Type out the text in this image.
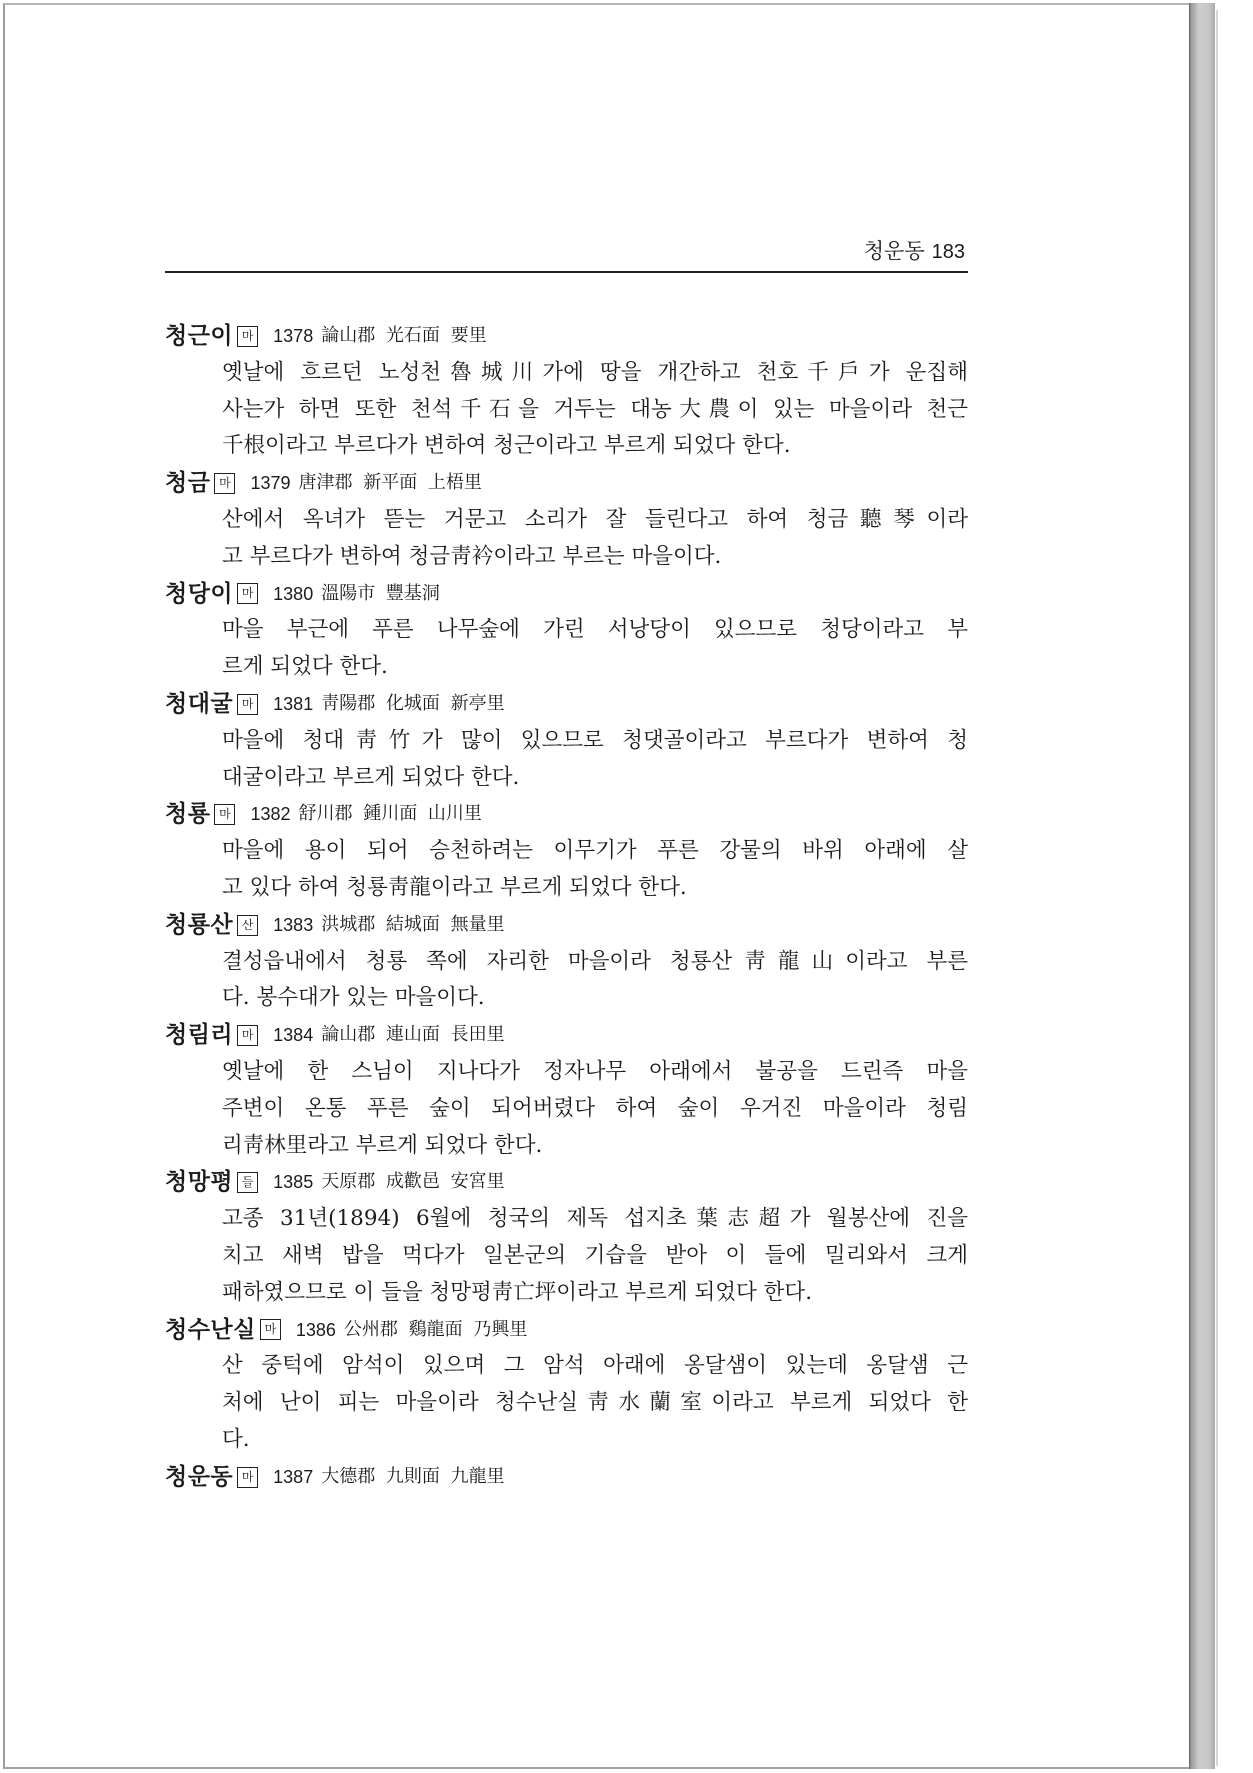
청운동 183
청근이 마 1378 論山郡 光石面 要里
옛날에 흐르던 노성천魯城川가에 땅을 개간하고 천호千戶가 운집해
사는가 하면 또한 천석千石을 거두는 대농大農이 있는 마을이라 천근
千根이라고 부르다가 변하여 청근이라고 부르게 되었다 한다.
청금 마 1379 唐津郡 新平面 上梧里
산에서 옥녀가 뜯는 거문고 소리가 잘 들린다고 하여 청금聽琴이라
고 부르다가 변하여 청금靑衿이라고 부르는 마을이다.
청당이 마 1380 溫陽市 豐基洞
마을 부근에 푸른 나무숲에 가린 서낭당이 있으므로 청당이라고 부
르게 되었다 한다.
청대굴 마 1381 靑陽郡 化城面 新亭里
마을에 청대靑竹가 많이 있으므로 청댓골이라고 부르다가 변하여 청
대굴이라고 부르게 되었다 한다.
청룡 마 1382 舒川郡 鍾川面 山川里
마을에 용이 되어 승천하려는 이무기가 푸른 강물의 바위 아래에 살
고 있다 하여 청룡靑龍이라고 부르게 되었다 한다.
청룡산 산 1383 洪城郡 結城面 無量里
결성읍내에서 청룡 쪽에 자리한 마을이라 청룡산靑龍山이라고 부른
다. 봉수대가 있는 마을이다.
청림리 마 1384 論山郡 連山面 長田里
옛날에 한 스님이 지나다가 정자나무 아래에서 불공을 드린즉 마을
주변이 온통 푸른 숲이 되어버렸다 하여 숲이 우거진 마을이라 청림
리靑林里라고 부르게 되었다 한다.
청망평 들 1385 天原郡 成歡邑 安宮里
고종 31년(1894) 6월에 청국의 제독 섭지초葉志超가 월봉산에 진을
치고 새벽 밥을 먹다가 일본군의 기습을 받아 이 들에 밀리와서 크게
패하였으므로 이 들을 청망평靑亡坪이라고 부르게 되었다 한다.
청수난실 마 1386 公州郡 鷄龍面 乃興里
산 중턱에 암석이 있으며 그 암석 아래에 옹달샘이 있는데 옹달샘 근
처에 난이 피는 마을이라 청수난실靑水蘭室이라고 부르게 되었다 한
다.
청운동 마 1387 大德郡 九則面 九龍里
